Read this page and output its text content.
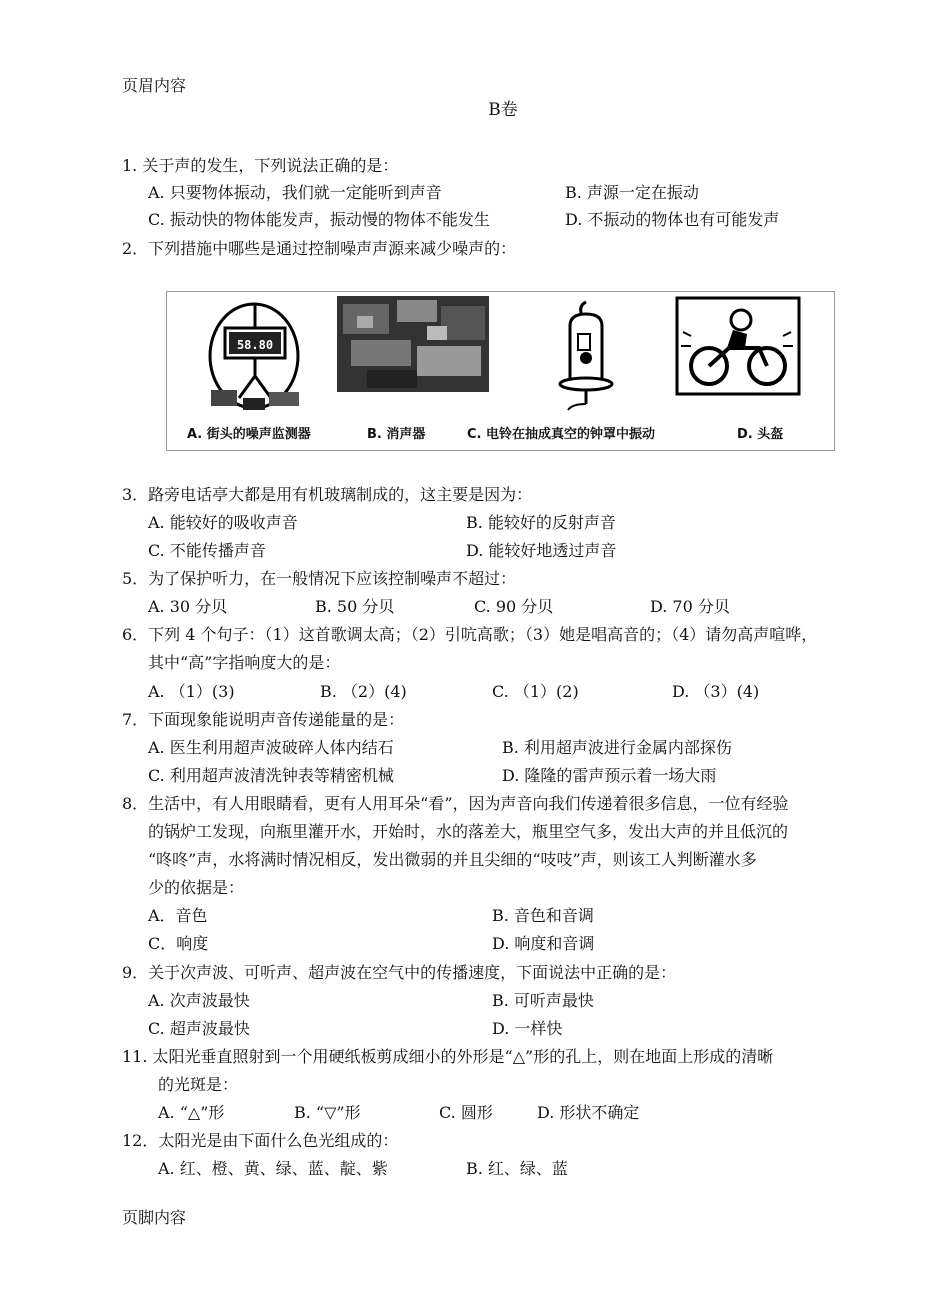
页眉内容
B卷
1. 关于声的发生，下列说法正确的是：
A. 只要物体振动，我们就一定能听到声音	B. 声源一定在振动
C. 振动快的物体能发声，振动慢的物体不能发生	D. 不振动的物体也有可能发声
2．下列措施中哪些是通过控制噪声声源来减少噪声的：
58.80
A. 街头的噪声监测器	B. 消声器	C. 电铃在抽成真空的钟罩中振动	D. 头盔
3．路旁电话亭大都是用有机玻璃制成的，这主要是因为：
A. 能较好的吸收声音	B. 能较好的反射声音
C. 不能传播声音	D. 能较好地透过声音
5．为了保护听力，在一般情况下应该控制噪声不超过：
A. 30 分贝	B. 50 分贝	C. 90 分贝	D. 70 分贝
6．下列 4 个句子：（1）这首歌调太高；（2）引吭高歌；（3）她是唱高音的；（4）请勿高声喧哗，
其中“高”字指响度大的是：
A. （1）(3)	B. （2）(4)	C. （1）(2)	D. （3）(4)
7．下面现象能说明声音传递能量的是：
A. 医生利用超声波破碎人体内结石	B. 利用超声波进行金属内部探伤
C. 利用超声波清洗钟表等精密机械	D. 隆隆的雷声预示着一场大雨
8．生活中，有人用眼睛看，更有人用耳朵“看”，因为声音向我们传递着很多信息，一位有经验
的锅炉工发现，向瓶里灌开水，开始时，水的落差大，瓶里空气多，发出大声的并且低沉的
“咚咚”声，水将满时情况相反，发出微弱的并且尖细的“吱吱”声，则该工人判断灌水多
少的依据是：
A．音色	B. 音色和音调
C．响度	D. 响度和音调
9．关于次声波、可听声、超声波在空气中的传播速度，下面说法中正确的是：
A. 次声波最快	B. 可听声最快
C. 超声波最快	D. 一样快
11. 太阳光垂直照射到一个用硬纸板剪成细小的外形是“△”形的孔上，则在地面上形成的清晰
的光斑是：
A. “△”形	B. “▽”形	C. 圆形	D. 形状不确定
12．太阳光是由下面什么色光组成的：
A. 红、橙、黄、绿、蓝、靛、紫	B. 红、绿、蓝
页脚内容
